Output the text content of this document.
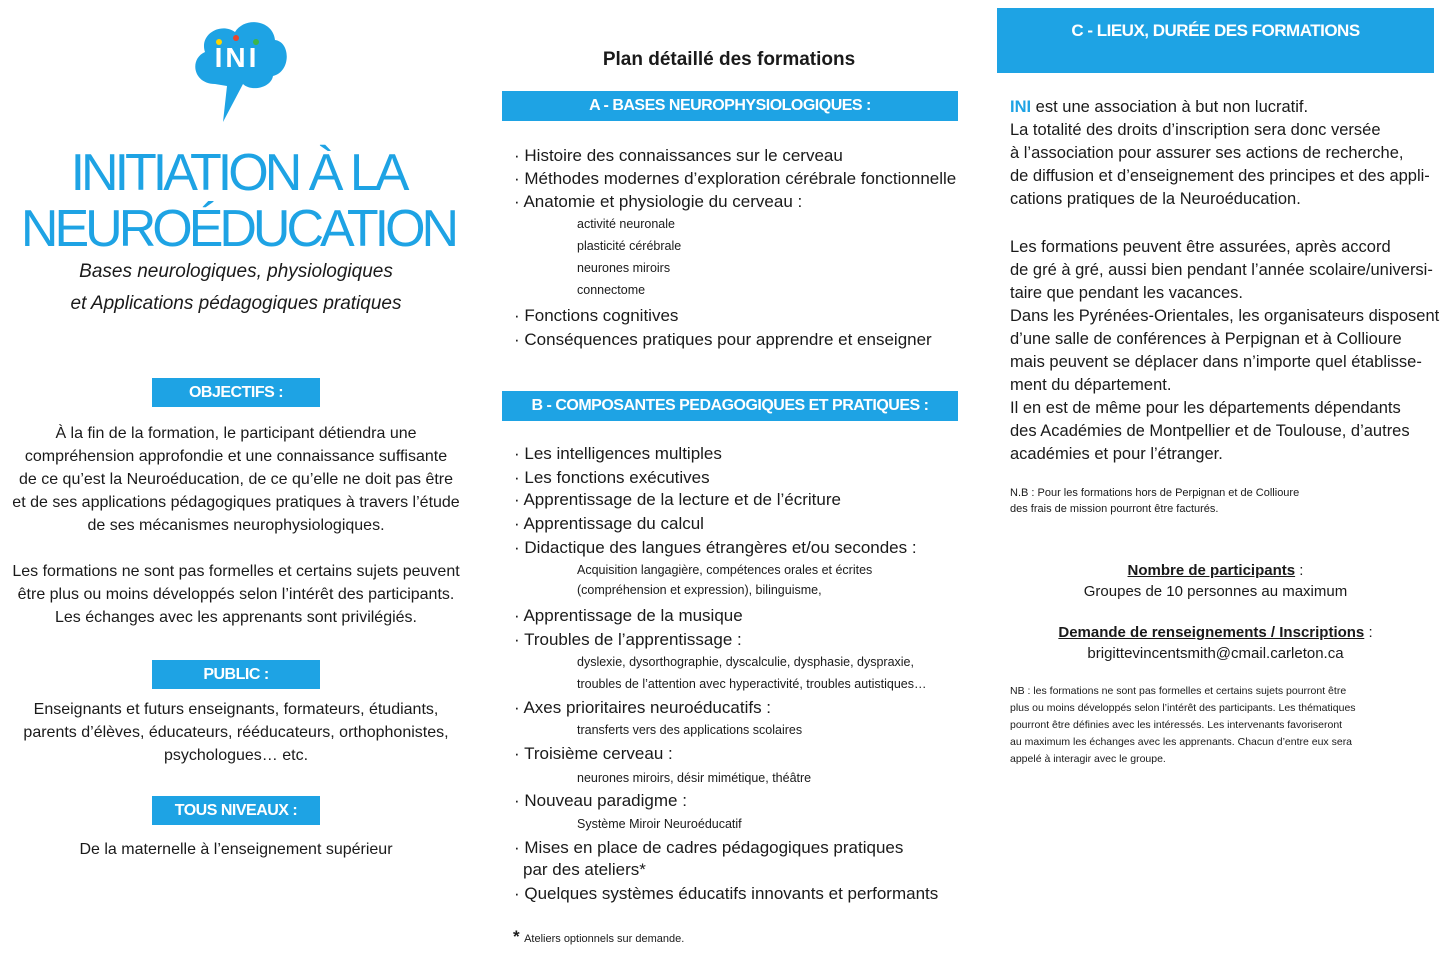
INI
INITIATION À LA
NEUROÉDUCATION
Bases neurologiques, physiologiques
et Applications pédagogiques pratiques
OBJECTIFS :
À la fin de la formation, le participant détiendra une
compréhension approfondie et une connaissance suffisante
de ce qu’est la Neuroéducation, de ce qu’elle ne doit pas être
et de ses applications pédagogiques pratiques à travers l’étude
de ses mécanismes neurophysiologiques.
Les formations ne sont pas formelles et certains sujets peuvent
être plus ou moins développés selon l’intérêt des participants.
Les échanges avec les apprenants sont privilégiés.
PUBLIC :
Enseignants et futurs enseignants, formateurs, étudiants,
parents d’élèves, éducateurs, rééducateurs, orthophonistes,
psychologues… etc.
TOUS NIVEAUX :
De la maternelle à l’enseignement supérieur
Plan détaillé des formations
A - BASES NEUROPHYSIOLOGIQUES :
· Histoire des connaissances sur le cerveau
· Méthodes modernes d’exploration cérébrale fonctionnelle
· Anatomie et physiologie du cerveau :
activité neuronale
plasticité cérébrale
neurones miroirs
connectome
· Fonctions cognitives
· Conséquences pratiques pour apprendre et enseigner
B - COMPOSANTES PEDAGOGIQUES ET PRATIQUES :
· Les intelligences multiples
· Les fonctions exécutives
· Apprentissage de la lecture et de l’écriture
· Apprentissage du calcul
· Didactique des langues étrangères et/ou secondes :
Acquisition langagière, compétences orales et écrites
(compréhension et expression), bilinguisme,
· Apprentissage de la musique
· Troubles de l’apprentissage :
dyslexie, dysorthographie, dyscalculie, dysphasie, dyspraxie,
troubles de l’attention avec hyperactivité, troubles autistiques…
· Axes prioritaires neuroéducatifs :
transferts vers des applications scolaires
· Troisième cerveau :
neurones miroirs, désir mimétique, théâtre
· Nouveau paradigme :
Système Miroir Neuroéducatif
· Mises en place de cadres pédagogiques pratiques
par des ateliers*
· Quelques systèmes éducatifs innovants et performants
* Ateliers optionnels sur demande.
C - LIEUX, DURÉE DES FORMATIONS
INI est une association à but non lucratif.
La totalité des droits d’inscription sera donc versée
à l’association pour assurer ses actions de recherche,
de diffusion et d’enseignement des principes et des appli-
cations pratiques de la Neuroéducation.
Les formations peuvent être assurées, après accord
de gré à gré, aussi bien pendant l’année scolaire/universi-
taire que pendant les vacances.
Dans les Pyrénées-Orientales, les organisateurs disposent
d’une salle de conférences à Perpignan et à Collioure
mais peuvent se déplacer dans n’importe quel établisse-
ment du département.
Il en est de même pour les départements dépendants
des Académies de Montpellier et de Toulouse, d’autres
académies et pour l’étranger.
N.B : Pour les formations hors de Perpignan et de Collioure
des frais de mission pourront être facturés.
Nombre de participants :
Groupes de 10 personnes au maximum
Demande de renseignements / Inscriptions :
brigittevincentsmith@cmail.carleton.ca
NB : les formations ne sont pas formelles et certains sujets pourront être
plus ou moins développés selon l’intérêt des participants. Les thématiques
pourront être définies avec les intéressés. Les intervenants favoriseront
au maximum les échanges avec les apprenants. Chacun d’entre eux sera
appelé à interagir avec le groupe.
